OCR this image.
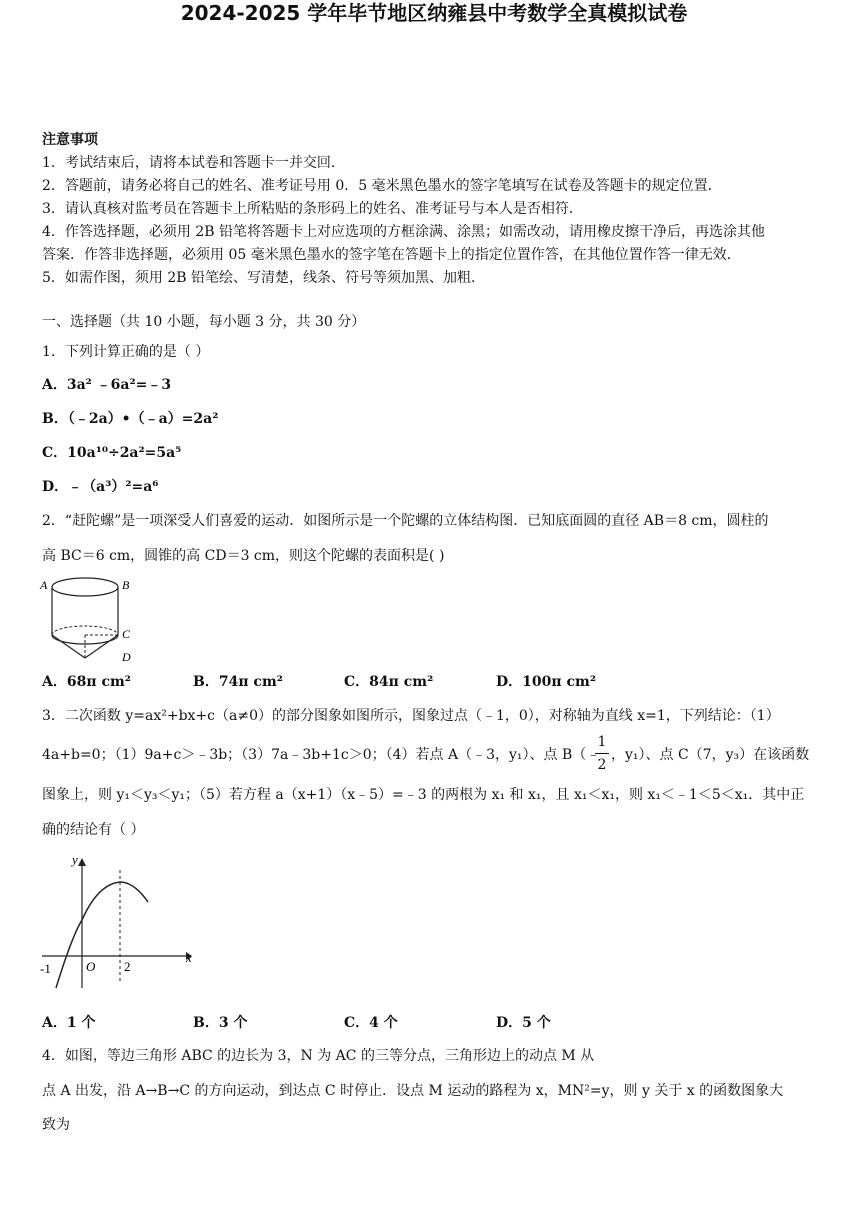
2024-2025 学年毕节地区纳雍县中考数学全真模拟试卷
注意事项
1．考试结束后，请将本试卷和答题卡一并交回．
2．答题前，请务必将自己的姓名、准考证号用 0．5 毫米黑色墨水的签字笔填写在试卷及答题卡的规定位置．
3．请认真核对监考员在答题卡上所粘贴的条形码上的姓名、准考证号与本人是否相符．
4．作答选择题，必须用 2B 铅笔将答题卡上对应选项的方框涂满、涂黑；如需改动，请用橡皮擦干净后，再选涂其他
答案．作答非选择题，必须用 05 毫米黑色墨水的签字笔在答题卡上的指定位置作答，在其他位置作答一律无效．
5．如需作图，须用 2B 铅笔绘、写清楚，线条、符号等须加黑、加粗．
一、选择题（共 10 小题，每小题 3 分，共 30 分）
1．下列计算正确的是（ ）
A．3a² ﹣6a²=﹣3
B．（﹣2a）•（﹣a）=2a²
C．10a¹⁰÷2a²=5a⁵
D．﹣（a³）²=a⁶
2．“赶陀螺”是一项深受人们喜爱的运动．如图所示是一个陀螺的立体结构图．已知底面圆的直径 AB＝8 cm，圆柱的
高 BC＝6 cm，圆锥的高 CD＝3 cm，则这个陀螺的表面积是( )
A	B
C
D
A．68π cm²	B．74π cm²	C．84π cm²	D．100π cm²
3．二次函数 y=ax²+bx+c（a≠0）的部分图象如图所示，图象过点（﹣1，0），对称轴为直线 x=1，下列结论：（1）
4a+b=0；（1）9a+c＞﹣3b；（3）7a﹣3b+1c＞0；（4）若点 A（﹣3，y₁）、点 B（﹣
1
2
，y₁）、点 C（7，y₃）在该函数
图象上，则 y₁＜y₃＜y₁；（5）若方程 a（x+1）（x﹣5）=﹣3 的两根为 x₁ 和 x₁，且 x₁＜x₁，则 x₁＜﹣1＜5＜x₁．其中正
确的结论有（ ）
y
x
O
-1	2
A．1 个	B．3 个	C．4 个	D．5 个
4．如图，等边三角形 ABC 的边长为 3，N 为 AC 的三等分点，三角形边上的动点 M 从
点 A 出发，沿 A→B→C 的方向运动，到达点 C 时停止．设点 M 运动的路程为 x，MN²=y，则 y 关于 x 的函数图象大
致为
